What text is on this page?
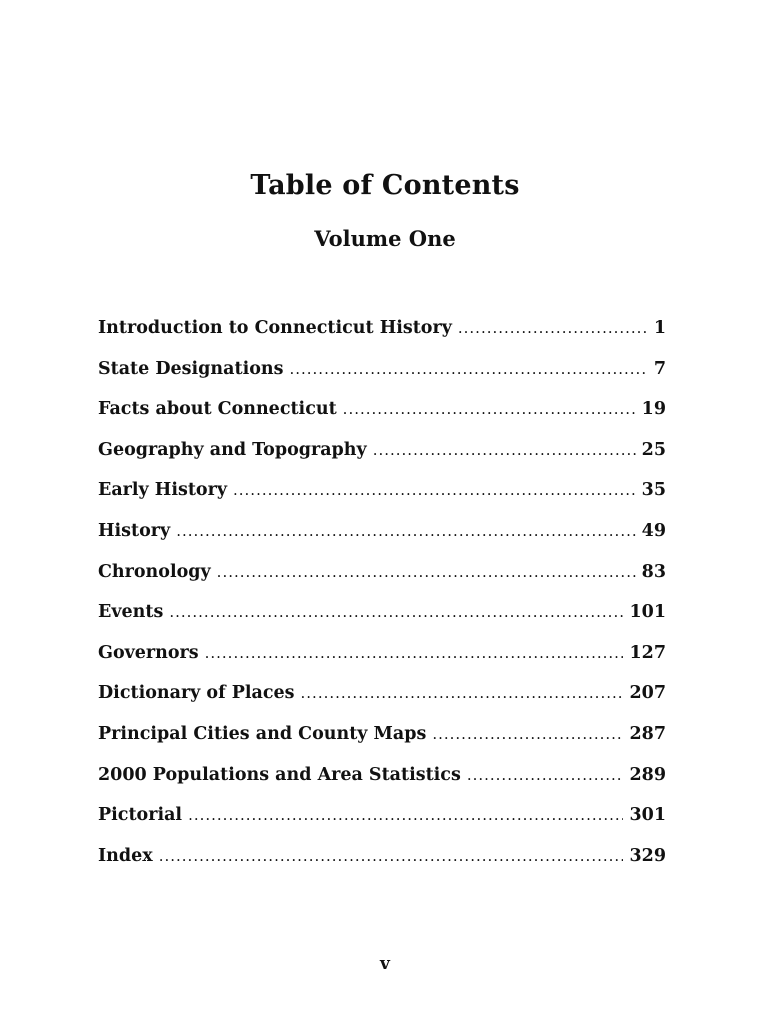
Table of Contents
Volume One
Introduction to Connecticut History .....	1
State Designations .....	7
Facts about Connecticut .....	19
Geography and Topography .....	25
Early History .....	35
History .....	49
Chronology .....	83
Events .....	101
Governors .....	127
Dictionary of Places .....	207
Principal Cities and County Maps .....	287
2000 Populations and Area Statistics .....	289
Pictorial .....	301
Index .....	329
v
